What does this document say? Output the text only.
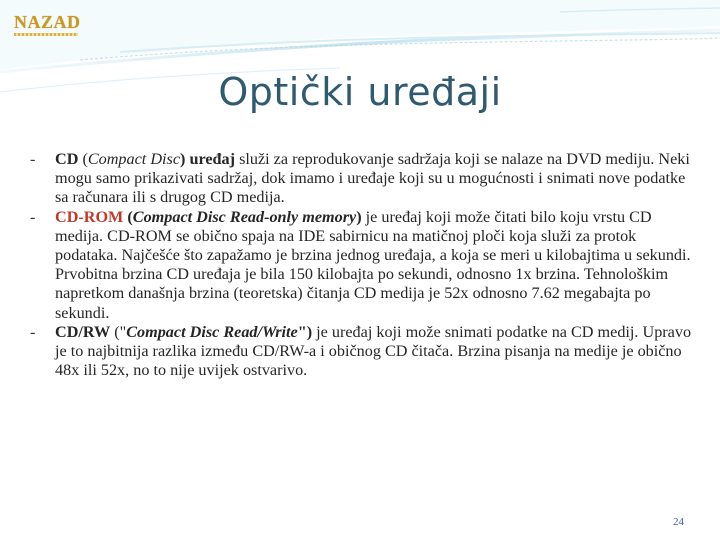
NAZAD
Optički uređaji

- CD (Compact Disc) uređaj služi za reprodukovanje sadržaja koji se nalaze na DVD mediju. Neki mogu samo prikazivati sadržaj, dok imamo i uređaje koji su u mogućnosti i snimati nove podatke sa računara ili s drugog CD medija.

- CD-ROM (Compact Disc Read-only memory) je uređaj koji može čitati bilo koju vrstu CD medija. CD-ROM se obično spaja na IDE sabirnicu na matičnoj ploči koja služi za protok podataka. Najčešće što zapažamo je brzina jednog uređaja, a koja se meri u kilobajtima u sekundi. Prvobitna brzina CD uređaja je bila 150 kilobajta po sekundi, odnosno 1x brzina. Tehnološkim napretkom današnja brzina (teoretska) čitanja CD medija je 52x odnosno 7.62 megabajta po sekundi.

- CD/RW ("Compact Disc Read/Write") je uređaj koji može snimati podatke na CD medij. Upravo je to najbitnija razlika između CD/RW-a i običnog CD čitača. Brzina pisanja na medije je obično 48x ili 52x, no to nije uvijek ostvarivo.

24
